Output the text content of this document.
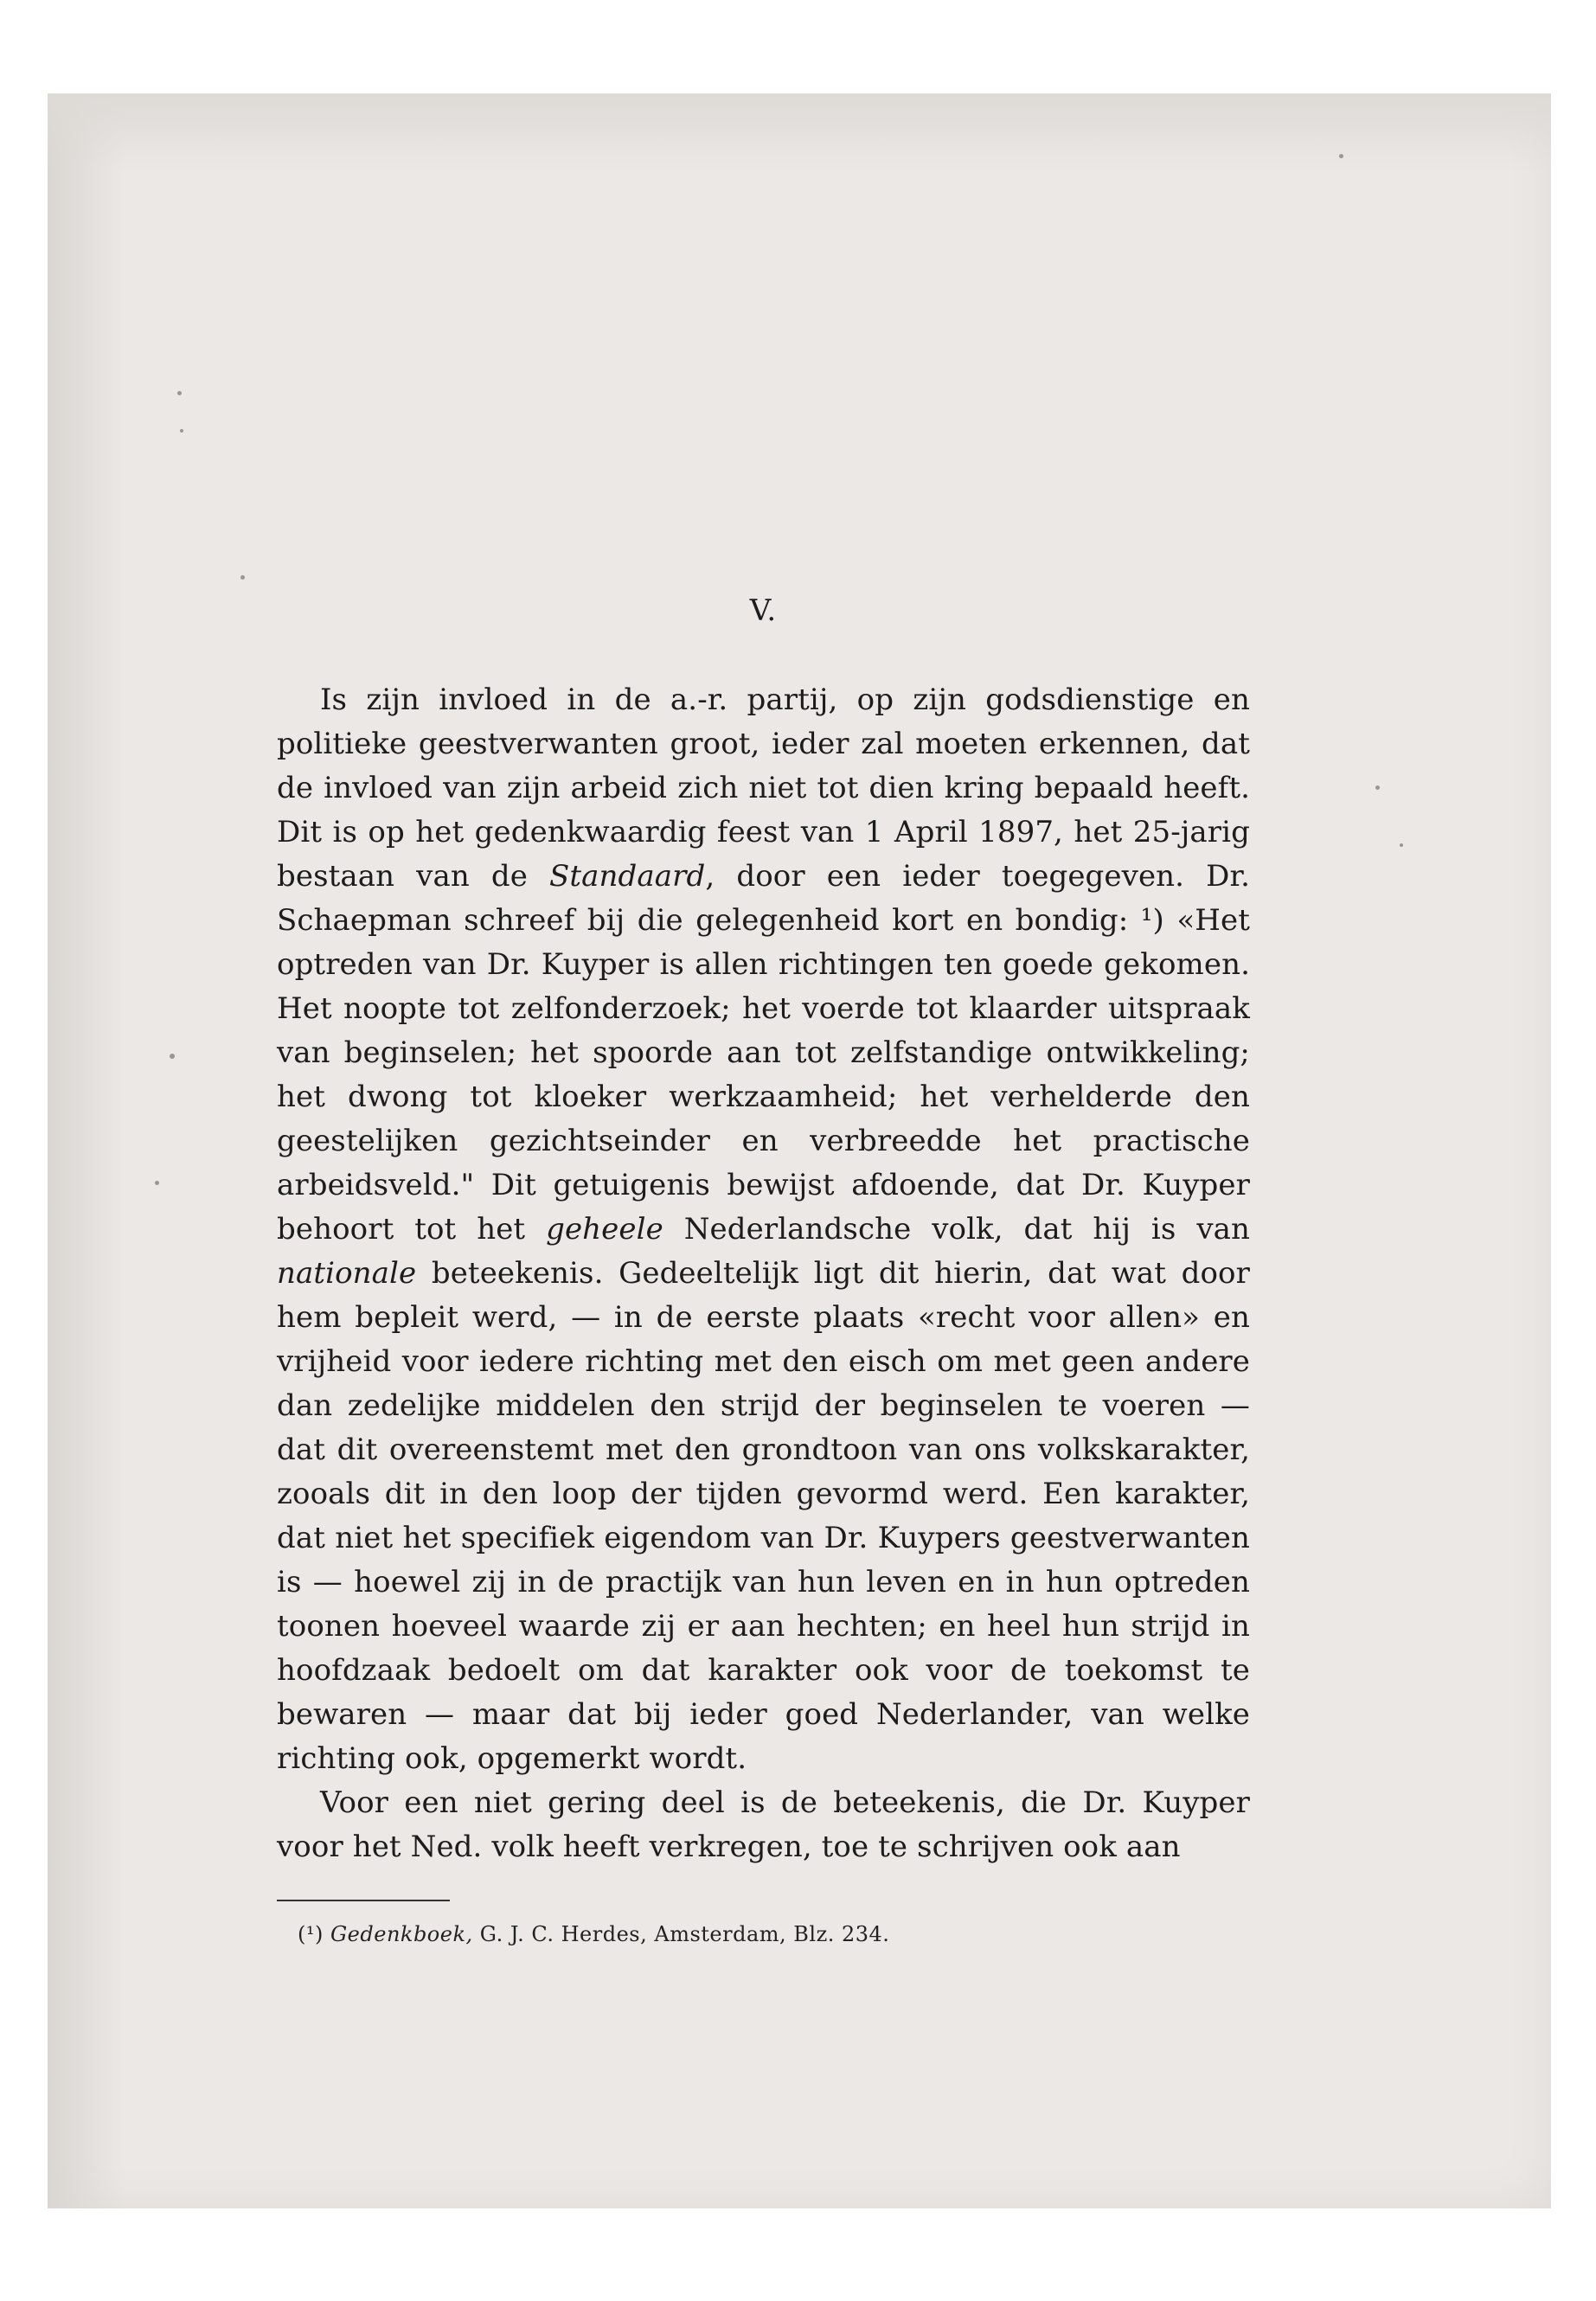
V.

Is zijn invloed in de a.-r. partij, op zijn godsdienstige en politieke geestverwanten groot, ieder zal moeten erkennen, dat de invloed van zijn arbeid zich niet tot dien kring bepaald heeft. Dit is op het gedenkwaardig feest van 1 April 1897, het 25-jarig bestaan van de Standaard, door een ieder toegegeven. Dr. Schaepman schreef bij die gelegenheid kort en bondig: ¹) «Het optreden van Dr. Kuyper is allen richtingen ten goede gekomen. Het noopte tot zelfonderzoek; het voerde tot klaarder uitspraak van beginselen; het spoorde aan tot zelfstandige ontwikkeling; het dwong tot kloeker werkzaamheid; het verhelderde den geestelijken gezichtseinder en verbreedde het practische arbeidsveld." Dit getuigenis bewijst afdoende, dat Dr. Kuyper behoort tot het geheele Nederlandsche volk, dat hij is van nationale beteekenis. Gedeeltelijk ligt dit hierin, dat wat door hem bepleit werd, — in de eerste plaats «recht voor allen» en vrijheid voor iedere richting met den eisch om met geen andere dan zedelijke middelen den strijd der beginselen te voeren — dat dit overeenstemt met den grondtoon van ons volkskarakter, zooals dit in den loop der tijden gevormd werd. Een karakter, dat niet het specifiek eigendom van Dr. Kuypers geestverwanten is — hoewel zij in de practijk van hun leven en in hun optreden toonen hoeveel waarde zij er aan hechten; en heel hun strijd in hoofdzaak bedoelt om dat karakter ook voor de toekomst te bewaren — maar dat bij ieder goed Nederlander, van welke richting ook, opgemerkt wordt.

Voor een niet gering deel is de beteekenis, die Dr. Kuyper voor het Ned. volk heeft verkregen, toe te schrijven ook aan

(¹) Gedenkboek, G. J. C. Herdes, Amsterdam, Blz. 234.
